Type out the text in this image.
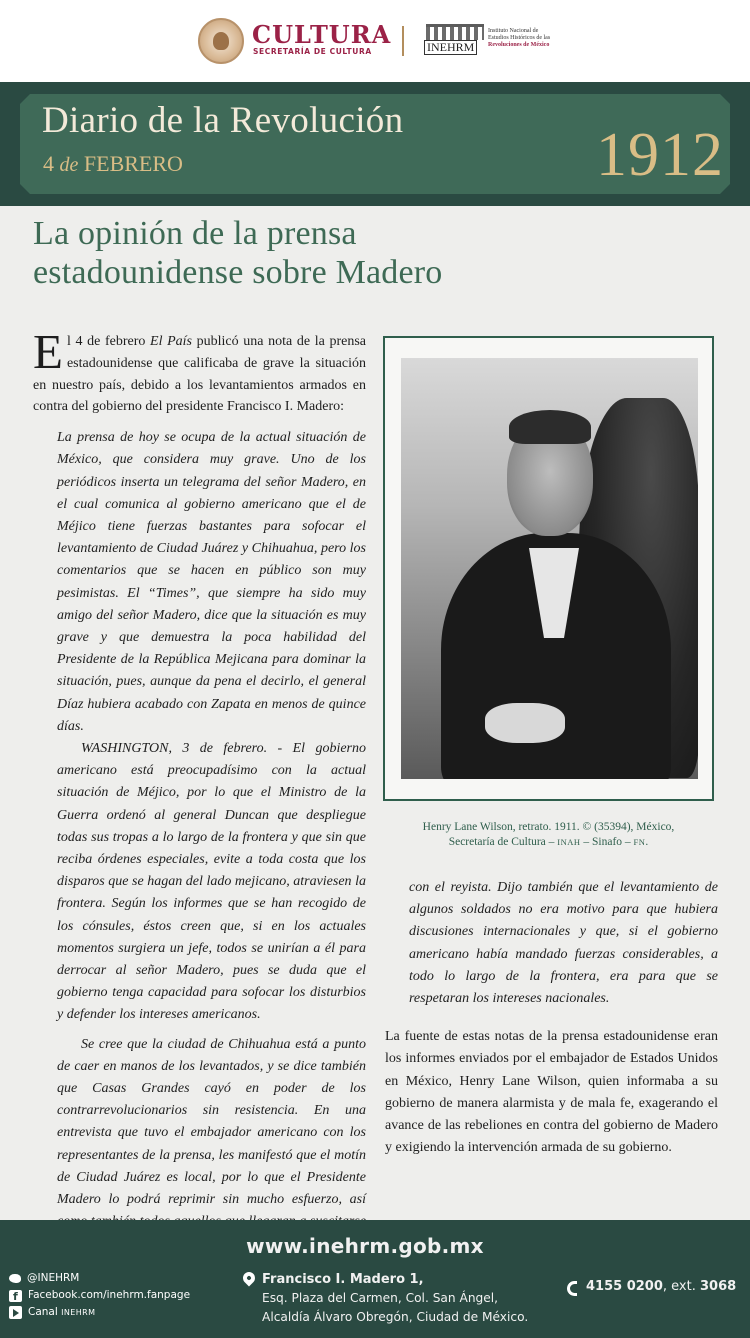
CULTURA
SECRETARÍA DE CULTURA	INEHRM
Instituto Nacional de
Estudios Históricos de las
Revoluciones de México
Diario de la Revolución
4 de FEBRERO	1912
La opinión de la prensa
estadounidense sobre Madero

El 4 de febrero El País publicó una nota de la prensa estadounidense que calificaba de grave la situación en nuestro país, debido a los levantamientos armados en contra del gobierno del presidente Francisco I. Madero:

La prensa de hoy se ocupa de la actual situación de México, que considera muy grave. Uno de los periódicos inserta un telegrama del señor Madero, en el cual comunica al gobierno americano que el de Méjico tiene fuerzas bastantes para sofocar el levantamiento de Ciudad Juárez y Chihuahua, pero los comentarios que se hacen en público son muy pesimistas. El “Times”, que siempre ha sido muy amigo del señor Madero, dice que la situación es muy grave y que demuestra la poca habilidad del Presidente de la República Mejicana para dominar la situación, pues, aunque da pena el decirlo, el general Díaz hubiera acabado con Zapata en menos de quince días.

WASHINGTON, 3 de febrero. - El gobierno americano está preocupadísimo con la actual situación de Méjico, por lo que el Ministro de la Guerra ordenó al general Duncan que despliegue todas sus tropas a lo largo de la frontera y que sin que reciba órdenes especiales, evite a toda costa que los disparos que se hagan del lado mejicano, atraviesen la frontera. Según los informes que se han recogido de los cónsules, éstos creen que, si en los actuales momentos surgiera un jefe, todos se unirían a él para derrocar al señor Madero, pues se duda que el gobierno tenga capacidad para sofocar los disturbios y defender los intereses americanos.

Se cree que la ciudad de Chihuahua está a punto de caer en manos de los levantados, y se dice también que Casas Grandes cayó en poder de los contrarrevolucionarios sin resistencia. En una entrevista que tuvo el embajador americano con los representantes de la prensa, les manifestó que el motín de Ciudad Juárez es local, por lo que el Presidente Madero lo podrá reprimir sin mucho esfuerzo, así

Henry Lane Wilson, retrato. 1911. © (35394), México,
Secretaría de Cultura – INAH – Sinafo – FN.

con el reyista. Dijo también que el levantamiento de algunos soldados no era motivo para que hubiera discusiones internacionales y que, si el gobierno americano había mandado fuerzas considerables, a todo lo largo de la frontera, era para que se respetaran los intereses nacionales.

La fuente de estas notas de la prensa estadounidense eran los informes enviados por el embajador de Estados Unidos en México, Henry Lane Wilson, quien informaba a su gobierno de manera alarmista y de mala fe, exagerando el avance de las rebeliones en contra del gobierno de Madero y exigiendo la intervención armada de su gobierno.

www.inehrm.gob.mx
@INEHRM
f
Facebook.com/inehrm.fanpage
Canal
INEHRM
Francisco I. Madero 1,
Esq. Plaza del Carmen, Col. San Ángel,
Alcaldía Álvaro Obregón, Ciudad de México.
4155 0200, ext. 3068
